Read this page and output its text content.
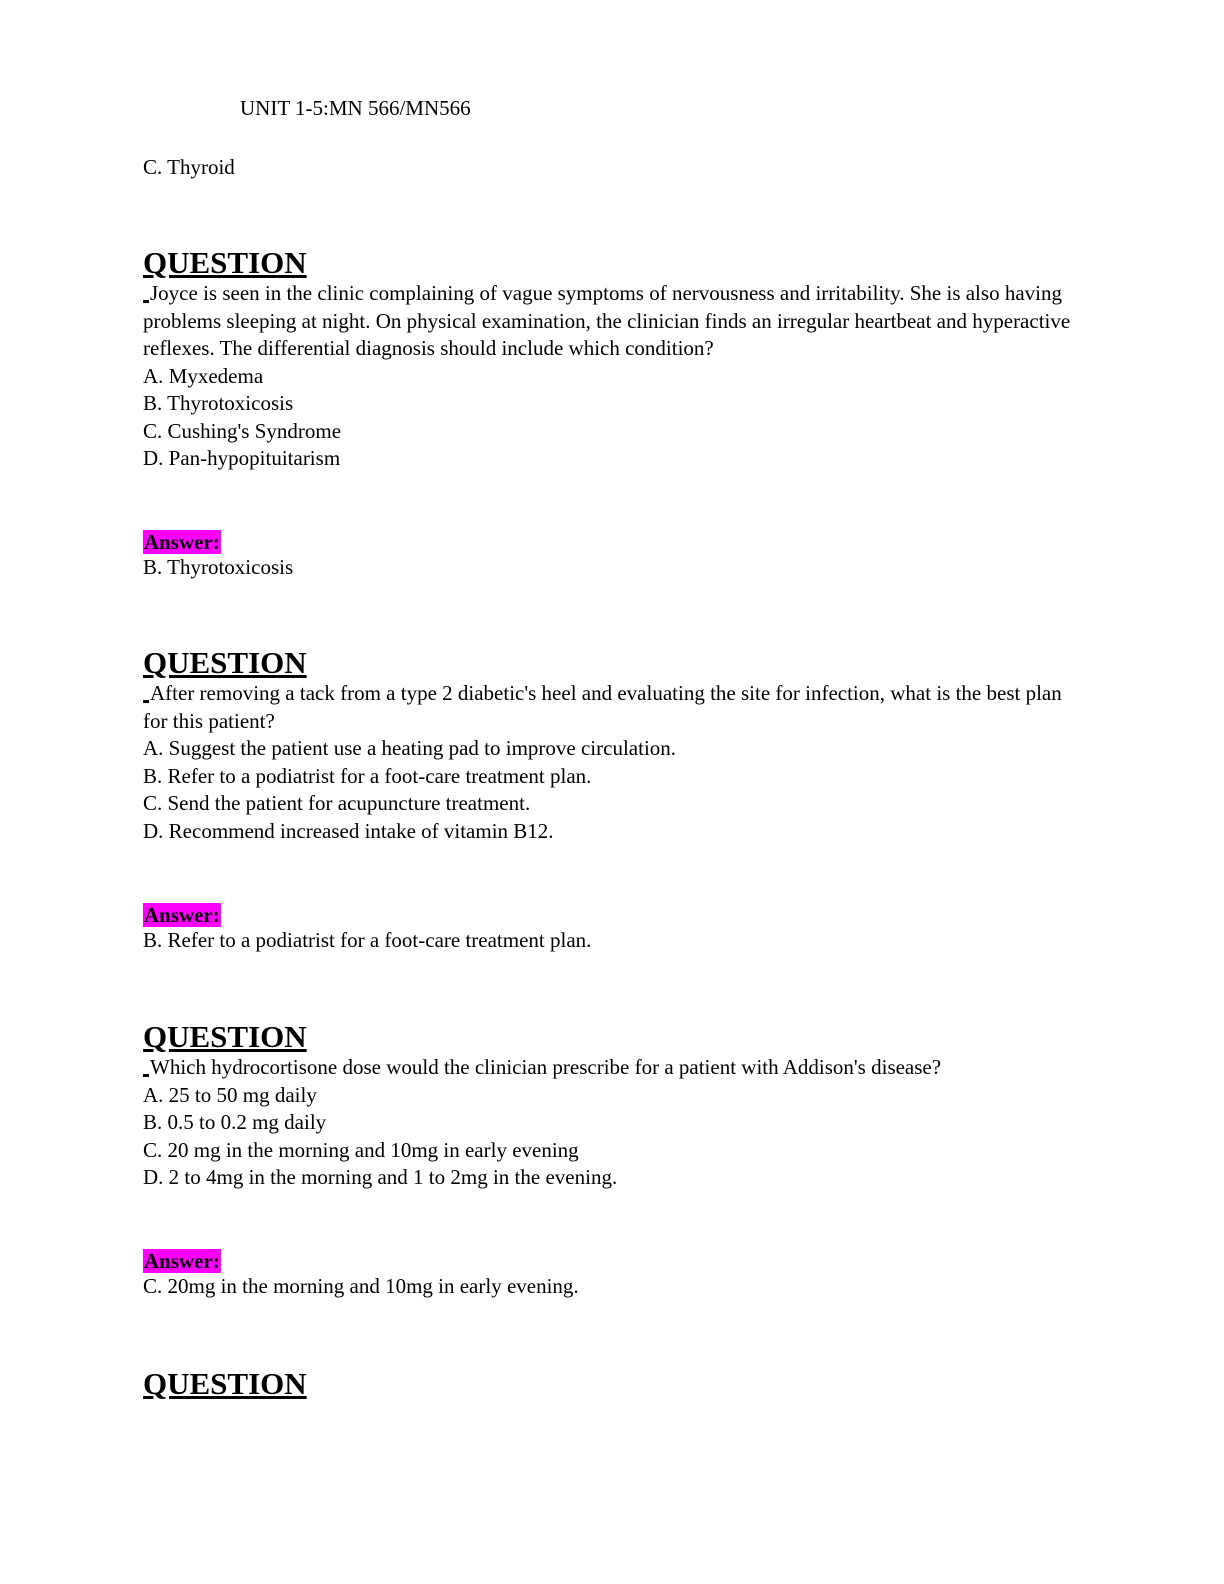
UNIT 1-5:MN 566/MN566
C. Thyroid

QUESTION

Joyce is seen in the clinic complaining of vague symptoms of nervousness and irritability. She is also having problems sleeping at night. On physical examination, the clinician finds an irregular heartbeat and hyperactive reflexes. The differential diagnosis should include which condition?

A. Myxedema

B. Thyrotoxicosis

C. Cushing's Syndrome

D. Pan-hypopituitarism

Answer:

B. Thyrotoxicosis

QUESTION

After removing a tack from a type 2 diabetic's heel and evaluating the site for infection, what is the best plan for this patient?

A. Suggest the patient use a heating pad to improve circulation.

B. Refer to a podiatrist for a foot-care treatment plan.

C. Send the patient for acupuncture treatment.

D. Recommend increased intake of vitamin B12.

Answer:

B. Refer to a podiatrist for a foot-care treatment plan.

QUESTION

Which hydrocortisone dose would the clinician prescribe for a patient with Addison's disease?

A. 25 to 50 mg daily

B. 0.5 to 0.2 mg daily

C. 20 mg in the morning and 10mg in early evening

D. 2 to 4mg in the morning and 1 to 2mg in the evening.

Answer:

C. 20mg in the morning and 10mg in early evening.

QUESTION
